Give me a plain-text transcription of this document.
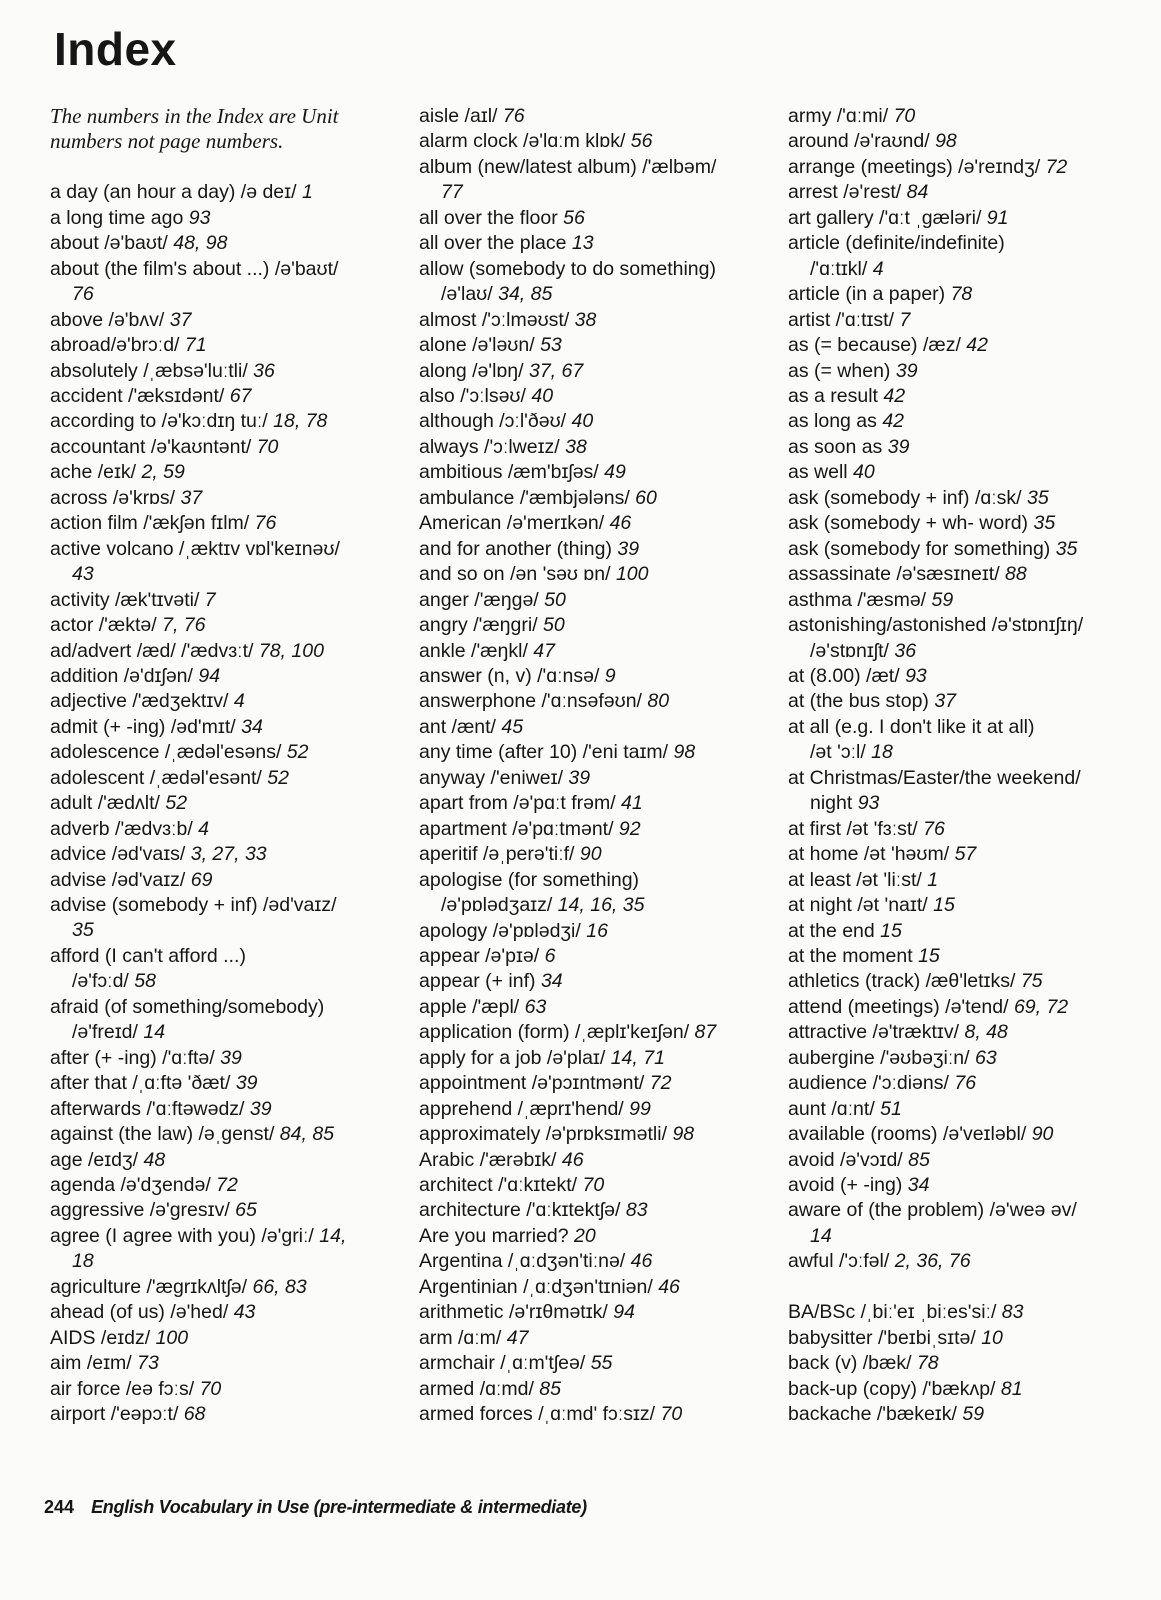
Index
The numbers in the Index are Unit
numbers not page numbers.
a day (an hour a day) /ə deɪ/ 1
a long time ago 93
about /ə'baʊt/ 48, 98
about (the film's about ...) /ə'baʊt/
76
above /ə'bʌv/ 37
abroad/ə'brɔːd/ 71
absolutely /ˌæbsə'luːtli/ 36
accident /'æksɪdənt/ 67
according to /ə'kɔːdɪŋ tuː/ 18, 78
accountant /ə'kaʊntənt/ 70
ache /eɪk/ 2, 59
across /ə'krɒs/ 37
action film /'ækʃən fɪlm/ 76
active volcano /ˌæktɪv vɒl'keɪnəʊ/
43
activity /æk'tɪvəti/ 7
actor /'æktə/ 7, 76
ad/advert /æd/ /'ædvɜːt/ 78, 100
addition /ə'dɪʃən/ 94
adjective /'ædʒektɪv/ 4
admit (+ -ing) /əd'mɪt/ 34
adolescence /ˌædəl'esəns/ 52
adolescent /ˌædəl'esənt/ 52
adult /'ædʌlt/ 52
adverb /'ædvɜːb/ 4
advice /əd'vaɪs/ 3, 27, 33
advise /əd'vaɪz/ 69
advise (somebody + inf) /əd'vaɪz/
35
afford (I can't afford ...)
/ə'fɔːd/ 58
afraid (of something/somebody)
/ə'freɪd/ 14
after (+ -ing) /'ɑːftə/ 39
after that /ˌɑːftə 'ðæt/ 39
afterwards /'ɑːftəwədz/ 39
against (the law) /əˌgenst/ 84, 85
age /eɪdʒ/ 48
agenda /ə'dʒendə/ 72
aggressive /ə'gresɪv/ 65
agree (I agree with you) /ə'griː/ 14,
18
agriculture /'ægrɪkʌltʃə/ 66, 83
ahead (of us) /ə'hed/ 43
AIDS /eɪdz/ 100
aim /eɪm/ 73
air force /eə fɔːs/ 70
airport /'eəpɔːt/ 68
aisle /aɪl/ 76
alarm clock /ə'lɑːm klɒk/ 56
album (new/latest album) /'ælbəm/
77
all over the floor 56
all over the place 13
allow (somebody to do something)
/ə'laʊ/ 34, 85
almost /'ɔːlməʊst/ 38
alone /ə'ləʊn/ 53
along /ə'lɒŋ/ 37, 67
also /'ɔːlsəʊ/ 40
although /ɔːl'ðəʊ/ 40
always /'ɔːlweɪz/ 38
ambitious /æm'bɪʃəs/ 49
ambulance /'æmbjələns/ 60
American /ə'merɪkən/ 46
and for another (thing) 39
and so on /ən 'səʊ ɒn/ 100
anger /'æŋgə/ 50
angry /'æŋgri/ 50
ankle /'æŋkl/ 47
answer (n, v) /'ɑːnsə/ 9
answerphone /'ɑːnsəfəʊn/ 80
ant /ænt/ 45
any time (after 10) /'eni taɪm/ 98
anyway /'eniweɪ/ 39
apart from /ə'pɑːt frəm/ 41
apartment /ə'pɑːtmənt/ 92
aperitif /əˌperə'tiːf/ 90
apologise (for something)
/ə'pɒlədʒaɪz/ 14, 16, 35
apology /ə'pɒlədʒi/ 16
appear /ə'pɪə/ 6
appear (+ inf) 34
apple /'æpl/ 63
application (form) /ˌæplɪ'keɪʃən/ 87
apply for a job /ə'plaɪ/ 14, 71
appointment /ə'pɔɪntmənt/ 72
apprehend /ˌæprɪ'hend/ 99
approximately /ə'prɒksɪmətli/ 98
Arabic /'ærəbɪk/ 46
architect /'ɑːkɪtekt/ 70
architecture /'ɑːkɪtektʃə/ 83
Are you married? 20
Argentina /ˌɑːdʒən'tiːnə/ 46
Argentinian /ˌɑːdʒən'tɪniən/ 46
arithmetic /ə'rɪθmətɪk/ 94
arm /ɑːm/ 47
armchair /ˌɑːm'tʃeə/ 55
armed /ɑːmd/ 85
armed forces /ˌɑːmd' fɔːsɪz/ 70
army /'ɑːmi/ 70
around /ə'raʊnd/ 98
arrange (meetings) /ə'reɪndʒ/ 72
arrest /ə'rest/ 84
art gallery /'ɑːt ˌgæləri/ 91
article (definite/indefinite)
/'ɑːtɪkl/ 4
article (in a paper) 78
artist /'ɑːtɪst/ 7
as (= because) /æz/ 42
as (= when) 39
as a result 42
as long as 42
as soon as 39
as well 40
ask (somebody + inf) /ɑːsk/ 35
ask (somebody + wh- word) 35
ask (somebody for something) 35
assassinate /ə'sæsɪneɪt/ 88
asthma /'æsmə/ 59
astonishing/astonished /ə'stɒnɪʃɪŋ/
/ə'stɒnɪʃt/ 36
at (8.00) /æt/ 93
at (the bus stop) 37
at all (e.g. I don't like it at all)
/ət 'ɔːl/ 18
at Christmas/Easter/the weekend/
night 93
at first /ət 'fɜːst/ 76
at home /ət 'həʊm/ 57
at least /ət 'liːst/ 1
at night /ət 'naɪt/ 15
at the end 15
at the moment 15
athletics (track) /æθ'letɪks/ 75
attend (meetings) /ə'tend/ 69, 72
attractive /ə'træktɪv/ 8, 48
aubergine /'əʊbəʒiːn/ 63
audience /'ɔːdiəns/ 76
aunt /ɑːnt/ 51
available (rooms) /ə'veɪləbl/ 90
avoid /ə'vɔɪd/ 85
avoid (+ -ing) 34
aware of (the problem) /ə'weə əv/
14
awful /'ɔːfəl/ 2, 36, 76
BA/BSc /ˌbiː'eɪ ˌbiːes'siː/ 83
babysitter /'beɪbiˌsɪtə/ 10
back (v) /bæk/ 78
back-up (copy) /'bækʌp/ 81
backache /'bækeɪk/ 59
244 English Vocabulary in Use (pre-intermediate & intermediate)
